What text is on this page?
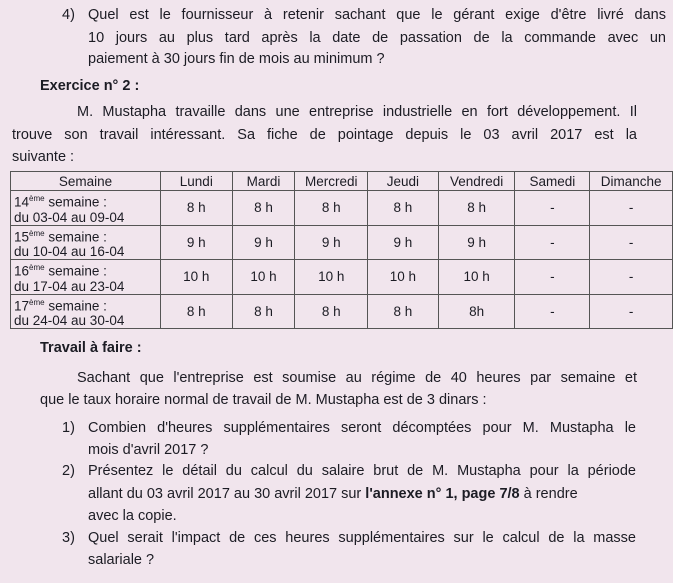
4) Quel est le fournisseur à retenir sachant que le gérant exige d'être livré dans
10 jours au plus tard après la date de passation de la commande avec un
paiement à 30 jours fin de mois au minimum ?
Exercice n° 2 :
M. Mustapha travaille dans une entreprise industrielle en fort développement. Il
trouve son travail intéressant. Sa fiche de pointage depuis le 03 avril 2017 est la
suivante :
Semaine	Lundi	Mardi	Mercredi	Jeudi	Vendredi	Samedi	Dimanche
14ème semaine :
du 03-04 au 09-04	8 h	8 h	8 h	8 h	8 h	-	-
15ème semaine :
du 10-04 au 16-04	9 h	9 h	9 h	9 h	9 h	-	-
16ème semaine :
du 17-04 au 23-04	10 h	10 h	10 h	10 h	10 h	-	-
17ème semaine :
du 24-04 au 30-04	8 h	8 h	8 h	8 h	8h	-	-
Travail à faire :
Sachant que l'entreprise est soumise au régime de 40 heures par semaine et
que le taux horaire normal de travail de M. Mustapha est de 3 dinars :
1) Combien d'heures supplémentaires seront décomptées pour M. Mustapha le
mois d'avril 2017 ?
2) Présentez le détail du calcul du salaire brut de M. Mustapha pour la période
allant du 03 avril 2017 au 30 avril 2017 sur l'annexe n° 1, page 7/8 à rendre
avec la copie.
3) Quel serait l'impact de ces heures supplémentaires sur le calcul de la masse
salariale ?
